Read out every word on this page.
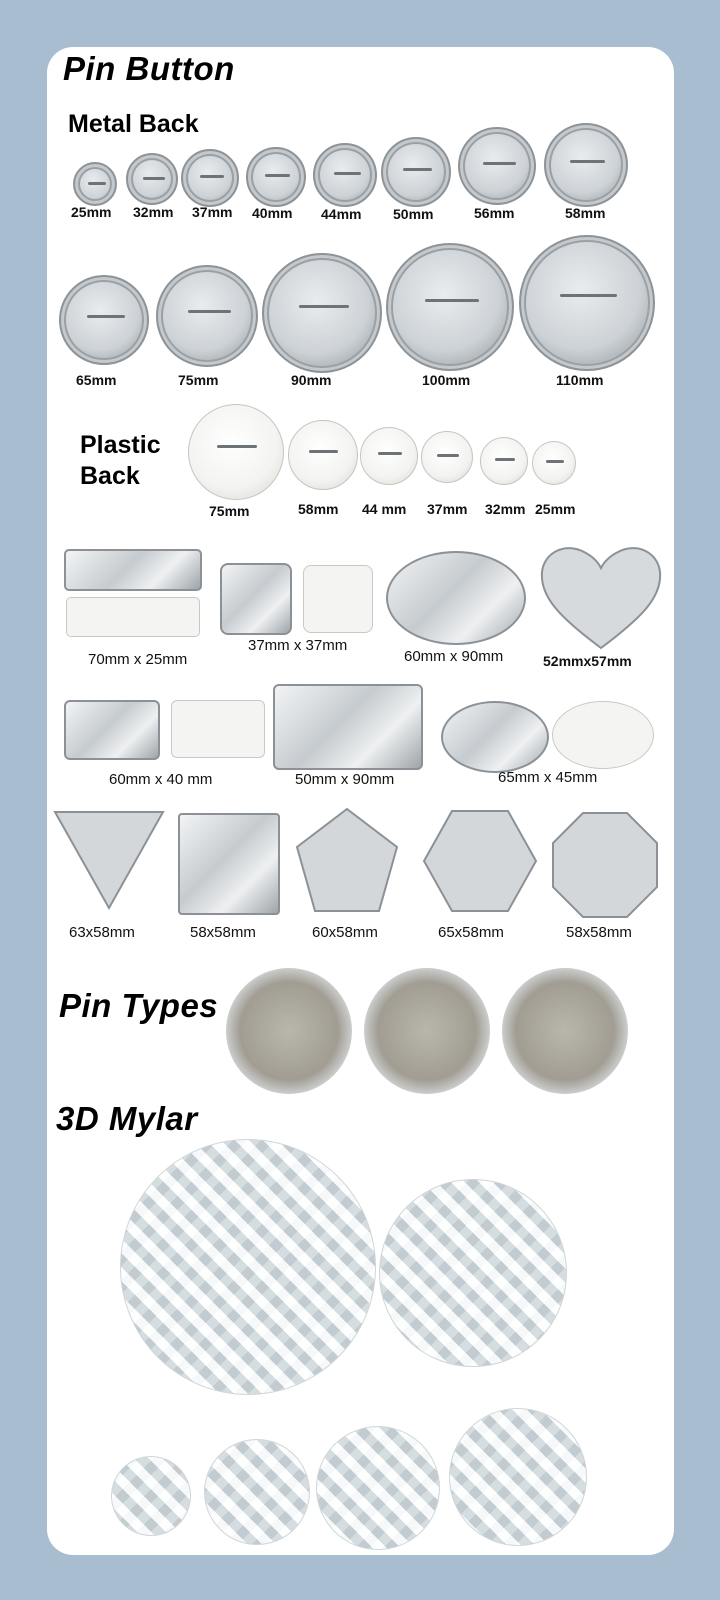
Pin Button
Metal Back
25mm 32mm 37mm 40mm 44mm 50mm	56mm	58mm
65mm	75mm	90mm	100mm	110mm
Plastic
Back
75mm	58mm 44 mm 37mm 32mm 25mm
70mm x 25mm
37mm x 37mm
60mm x 90mm	52mmx57mm
60mm x 40 mm	50mm x 90mm	65mm x 45mm
63x58mm	58x58mm	60x58mm	65x58mm	58x58mm
Pin Types
3D Mylar
